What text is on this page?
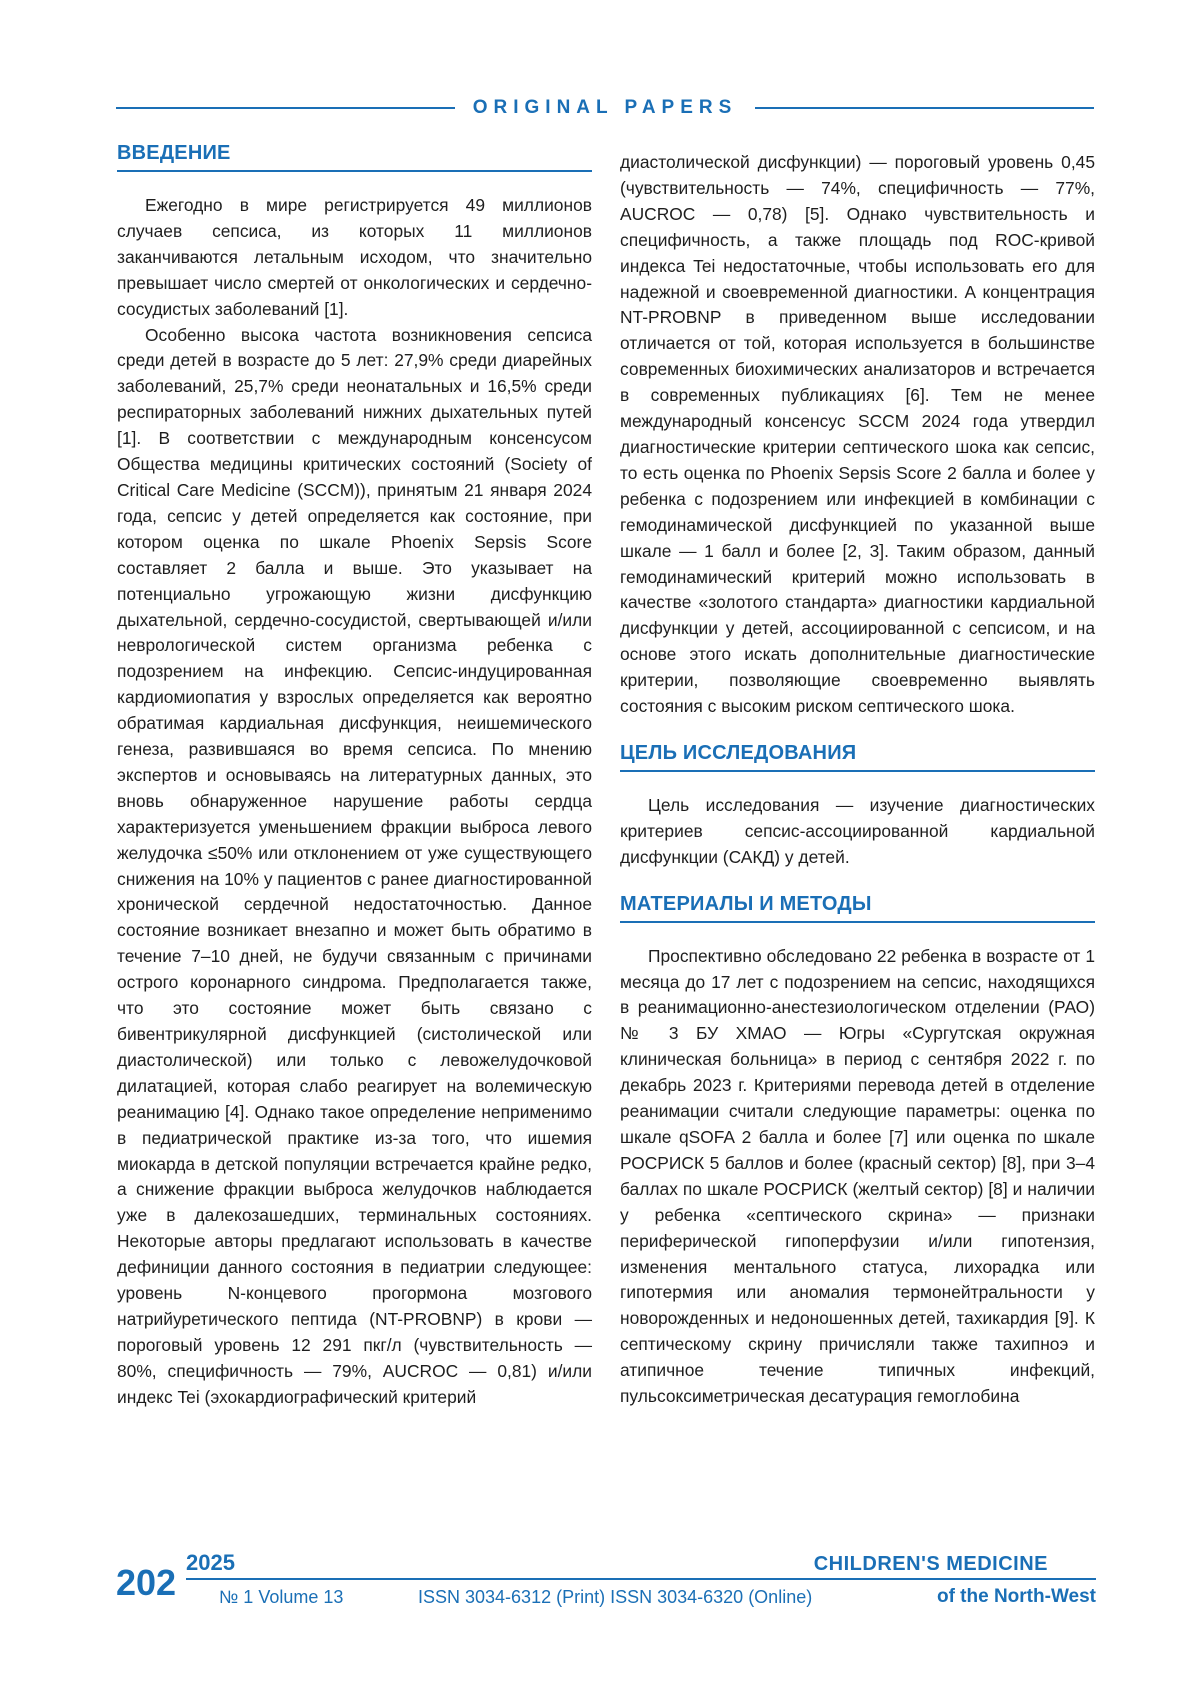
ORIGINAL PAPERS
ВВЕДЕНИЕ

Ежегодно в мире регистрируется 49 миллионов случаев сепсиса, из которых 11 миллионов заканчиваются летальным исходом, что значительно превышает число смертей от онкологических и сердечно-сосудистых заболеваний [1].

Особенно высока частота возникновения сепсиса среди детей в возрасте до 5 лет: 27,9% среди диарейных заболеваний, 25,7% среди неонатальных и 16,5% среди респираторных заболеваний нижних дыхательных путей [1]. В соответствии с международным консенсусом Общества медицины критических состояний (Society of Critical Care Medicine (SCCM)), принятым 21 января 2024 года, сепсис у детей определяется как состояние, при котором оценка по шкале Phoenix Sepsis Score составляет 2 балла и выше. Это указывает на потенциально угрожающую жизни дисфункцию дыхательной, сердечно-сосудистой, свертывающей и/или неврологической систем организма ребенка с подозрением на инфекцию. Сепсис-индуцированная кардиомиопатия у взрослых определяется как вероятно обратимая кардиальная дисфункция, неишемического генеза, развившаяся во время сепсиса. По мнению экспертов и основываясь на литературных данных, это вновь обнаруженное нарушение работы сердца характеризуется уменьшением фракции выброса левого желудочка ≤50% или отклонением от уже существующего снижения на 10% у пациентов с ранее диагностированной хронической сердечной недостаточностью. Данное состояние возникает внезапно и может быть обратимо в течение 7–10 дней, не будучи связанным с причинами острого коронарного синдрома. Предполагается также, что это состояние может быть связано с бивентрикулярной дисфункцией (систолической или диастолической) или только с левожелудочковой дилатацией, которая слабо реагирует на волемическую реанимацию [4]. Однако такое определение неприменимо в педиатрической практике из-за того, что ишемия миокарда в детской популяции встречается крайне редко, а снижение фракции выброса желудочков наблюдается уже в далекозашедших, терминальных состояниях. Некоторые авторы предлагают использовать в качестве дефиниции данного состояния в педиатрии следующее: уровень N-концевого прогормона мозгового натрийуретического пептида (NT-PROBNP) в крови — пороговый уровень 12 291 пкг/л (чувствительность — 80%, специфичность — 79%, AUCROC — 0,81) и/или индекс Tei (эхокардиографический критерий

диастолической дисфункции) — пороговый уровень 0,45 (чувствительность — 74%, специфичность — 77%, AUCROC — 0,78) [5]. Однако чувствительность и специфичность, а также площадь под ROC-кривой индекса Tei недостаточные, чтобы использовать его для надежной и своевременной диагностики. А концентрация NT-PROBNP в приведенном выше исследовании отличается от той, которая используется в большинстве современных биохимических анализаторов и встречается в современных публикациях [6]. Тем не менее международный консенсус SCCM 2024 года утвердил диагностические критерии септического шока как сепсис, то есть оценка по Phoenix Sepsis Score 2 балла и более у ребенка с подозрением или инфекцией в комбинации с гемодинамической дисфункцией по указанной выше шкале — 1 балл и более [2, 3]. Таким образом, данный гемодинамический критерий можно использовать в качестве «золотого стандарта» диагностики кардиальной дисфункции у детей, ассоциированной с сепсисом, и на основе этого искать дополнительные диагностические критерии, позволяющие своевременно выявлять состояния с высоким риском септического шока.

ЦЕЛЬ ИССЛЕДОВАНИЯ

Цель исследования — изучение диагностических критериев сепсис-ассоциированной кардиальной дисфункции (САКД) у детей.

МАТЕРИАЛЫ И МЕТОДЫ

Проспективно обследовано 22 ребенка в возрасте от 1 месяца до 17 лет с подозрением на сепсис, находящихся в реанимационно-анестезиологическом отделении (РАО) № 3 БУ ХМАО — Югры «Сургутская окружная клиническая больница» в период с сентября 2022 г. по декабрь 2023 г. Критериями перевода детей в отделение реанимации считали следующие параметры: оценка по шкале qSOFA 2 балла и более [7] или оценка по шкале РОСРИСК 5 баллов и более (красный сектор) [8], при 3–4 баллах по шкале РОСРИСК (желтый сектор) [8] и наличии у ребенка «септического скрина» — признаки периферической гипоперфузии и/или гипотензия, изменения ментального статуса, лихорадка или гипотермия или аномалия термонейтральности у новорожденных и недоношенных детей, тахикардия [9]. К септическому скрину причисляли также тахипноэ и атипичное течение типичных инфекций, пульсоксиметрическая десатурация гемоглобина

202 2025
№ 1 Volume 13	ISSN 3034-6312 (Print) ISSN 3034-6320 (Online)
CHILDREN'S MEDICINE
of the North-West
